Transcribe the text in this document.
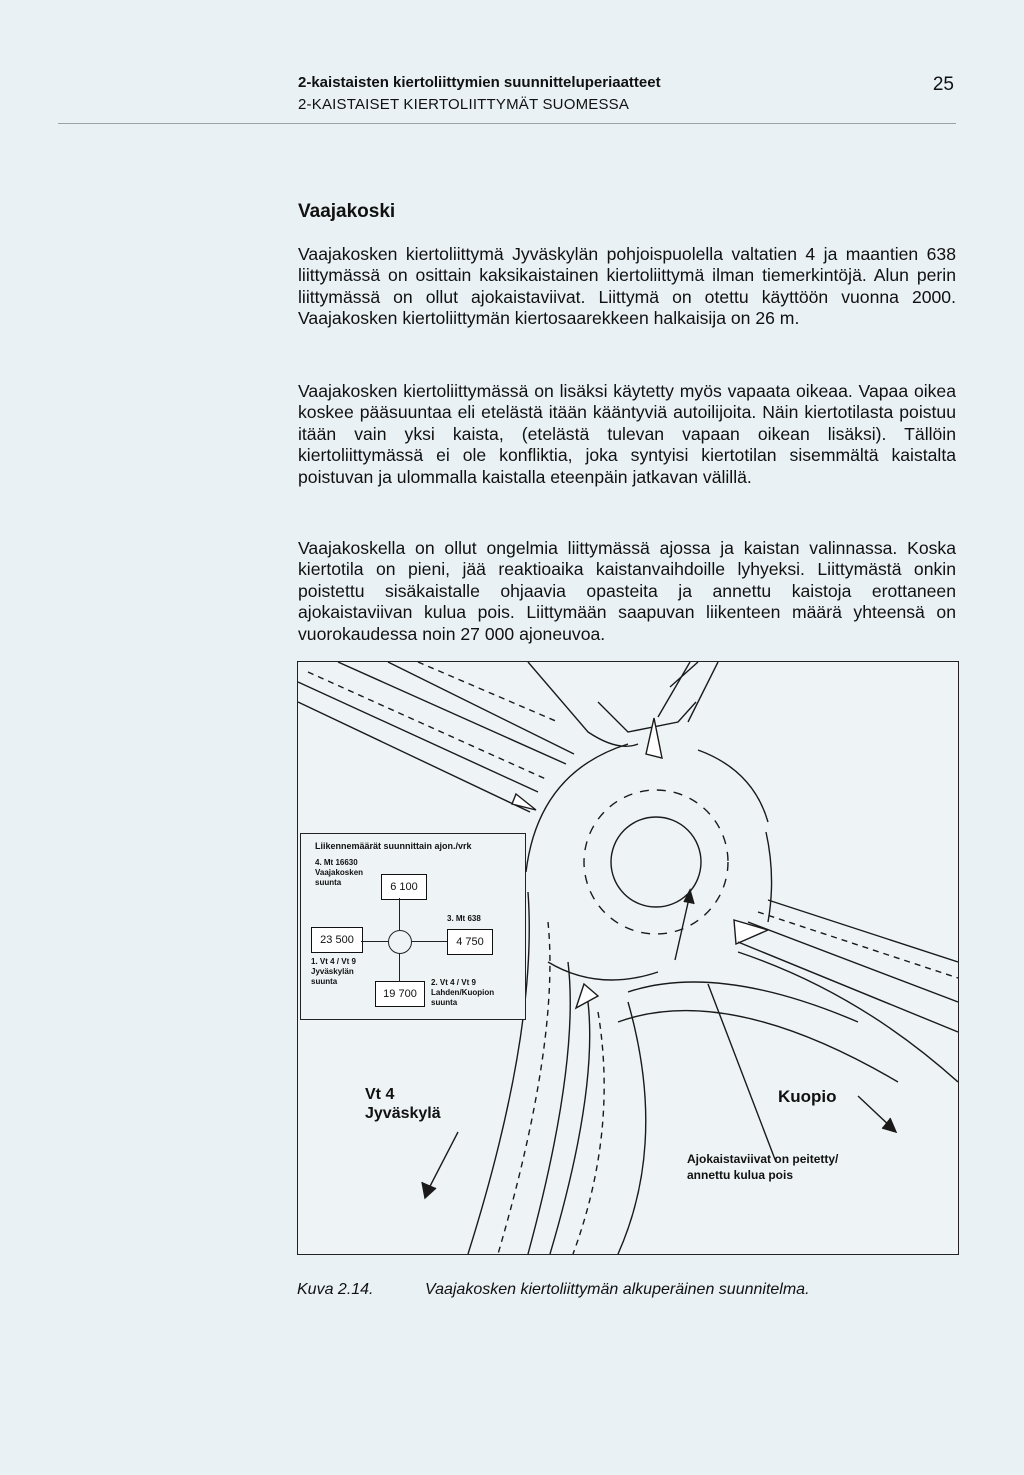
2-kaistaisten kiertoliittymien suunnitteluperiaatteet
2-KAISTAISET KIERTOLIITTYMÄT SUOMESSA
25
Vaajakoski

Vaajakosken kiertoliittymä Jyväskylän pohjoispuolella valtatien 4 ja maantien 638 liittymässä on osittain kaksikaistainen kiertoliittymä ilman tiemerkintöjä. Alun perin liittymässä on ollut ajokaistaviivat. Liittymä on otettu käyttöön vuonna 2000. Vaajakosken kiertoliittymän kiertosaarekkeen halkaisija on 26 m.

Vaajakosken kiertoliittymässä on lisäksi käytetty myös vapaata oikeaa. Vapaa oikea koskee pääsuuntaa eli etelästä itään kääntyviä autoilijoita. Näin kiertotilasta poistuu itään vain yksi kaista, (etelästä tulevan vapaan oikean lisäksi). Tällöin kiertoliittymässä ei ole konfliktia, joka syntyisi kiertotilan sisemmältä kaistalta poistuvan ja ulommalla kaistalla eteenpäin jatkavan välillä.

Vaajakoskella on ollut ongelmia liittymässä ajossa ja kaistan valinnassa. Koska kiertotila on pieni, jää reaktioaika kaistanvaihdoille lyhyeksi. Liittymästä onkin poistettu sisäkaistalle ohjaavia opasteita ja annettu kaistoja erottaneen ajokaistaviivan kulua pois. Liittymään saapuvan liikenteen määrä yhteensä on vuorokaudessa noin 27 000 ajoneuvoa.

Liikennemäärät suunnittain ajon./vrk
4. Mt 16630 Vaajakosken suunta	6 100
3. Mt 638
4 750
23 500
1. Vt 4 / Vt 9 Jyväskylän suunta
19 700
2. Vt 4 / Vt 9 Lahden/Kuopion suunta
Vt 4
Jyväskylä
Kuopio
Ajokaistaviivat on peitetty/
annettu kulua pois
Kuva 2.14.	Vaajakosken kiertoliittymän alkuperäinen suunnitelma.
